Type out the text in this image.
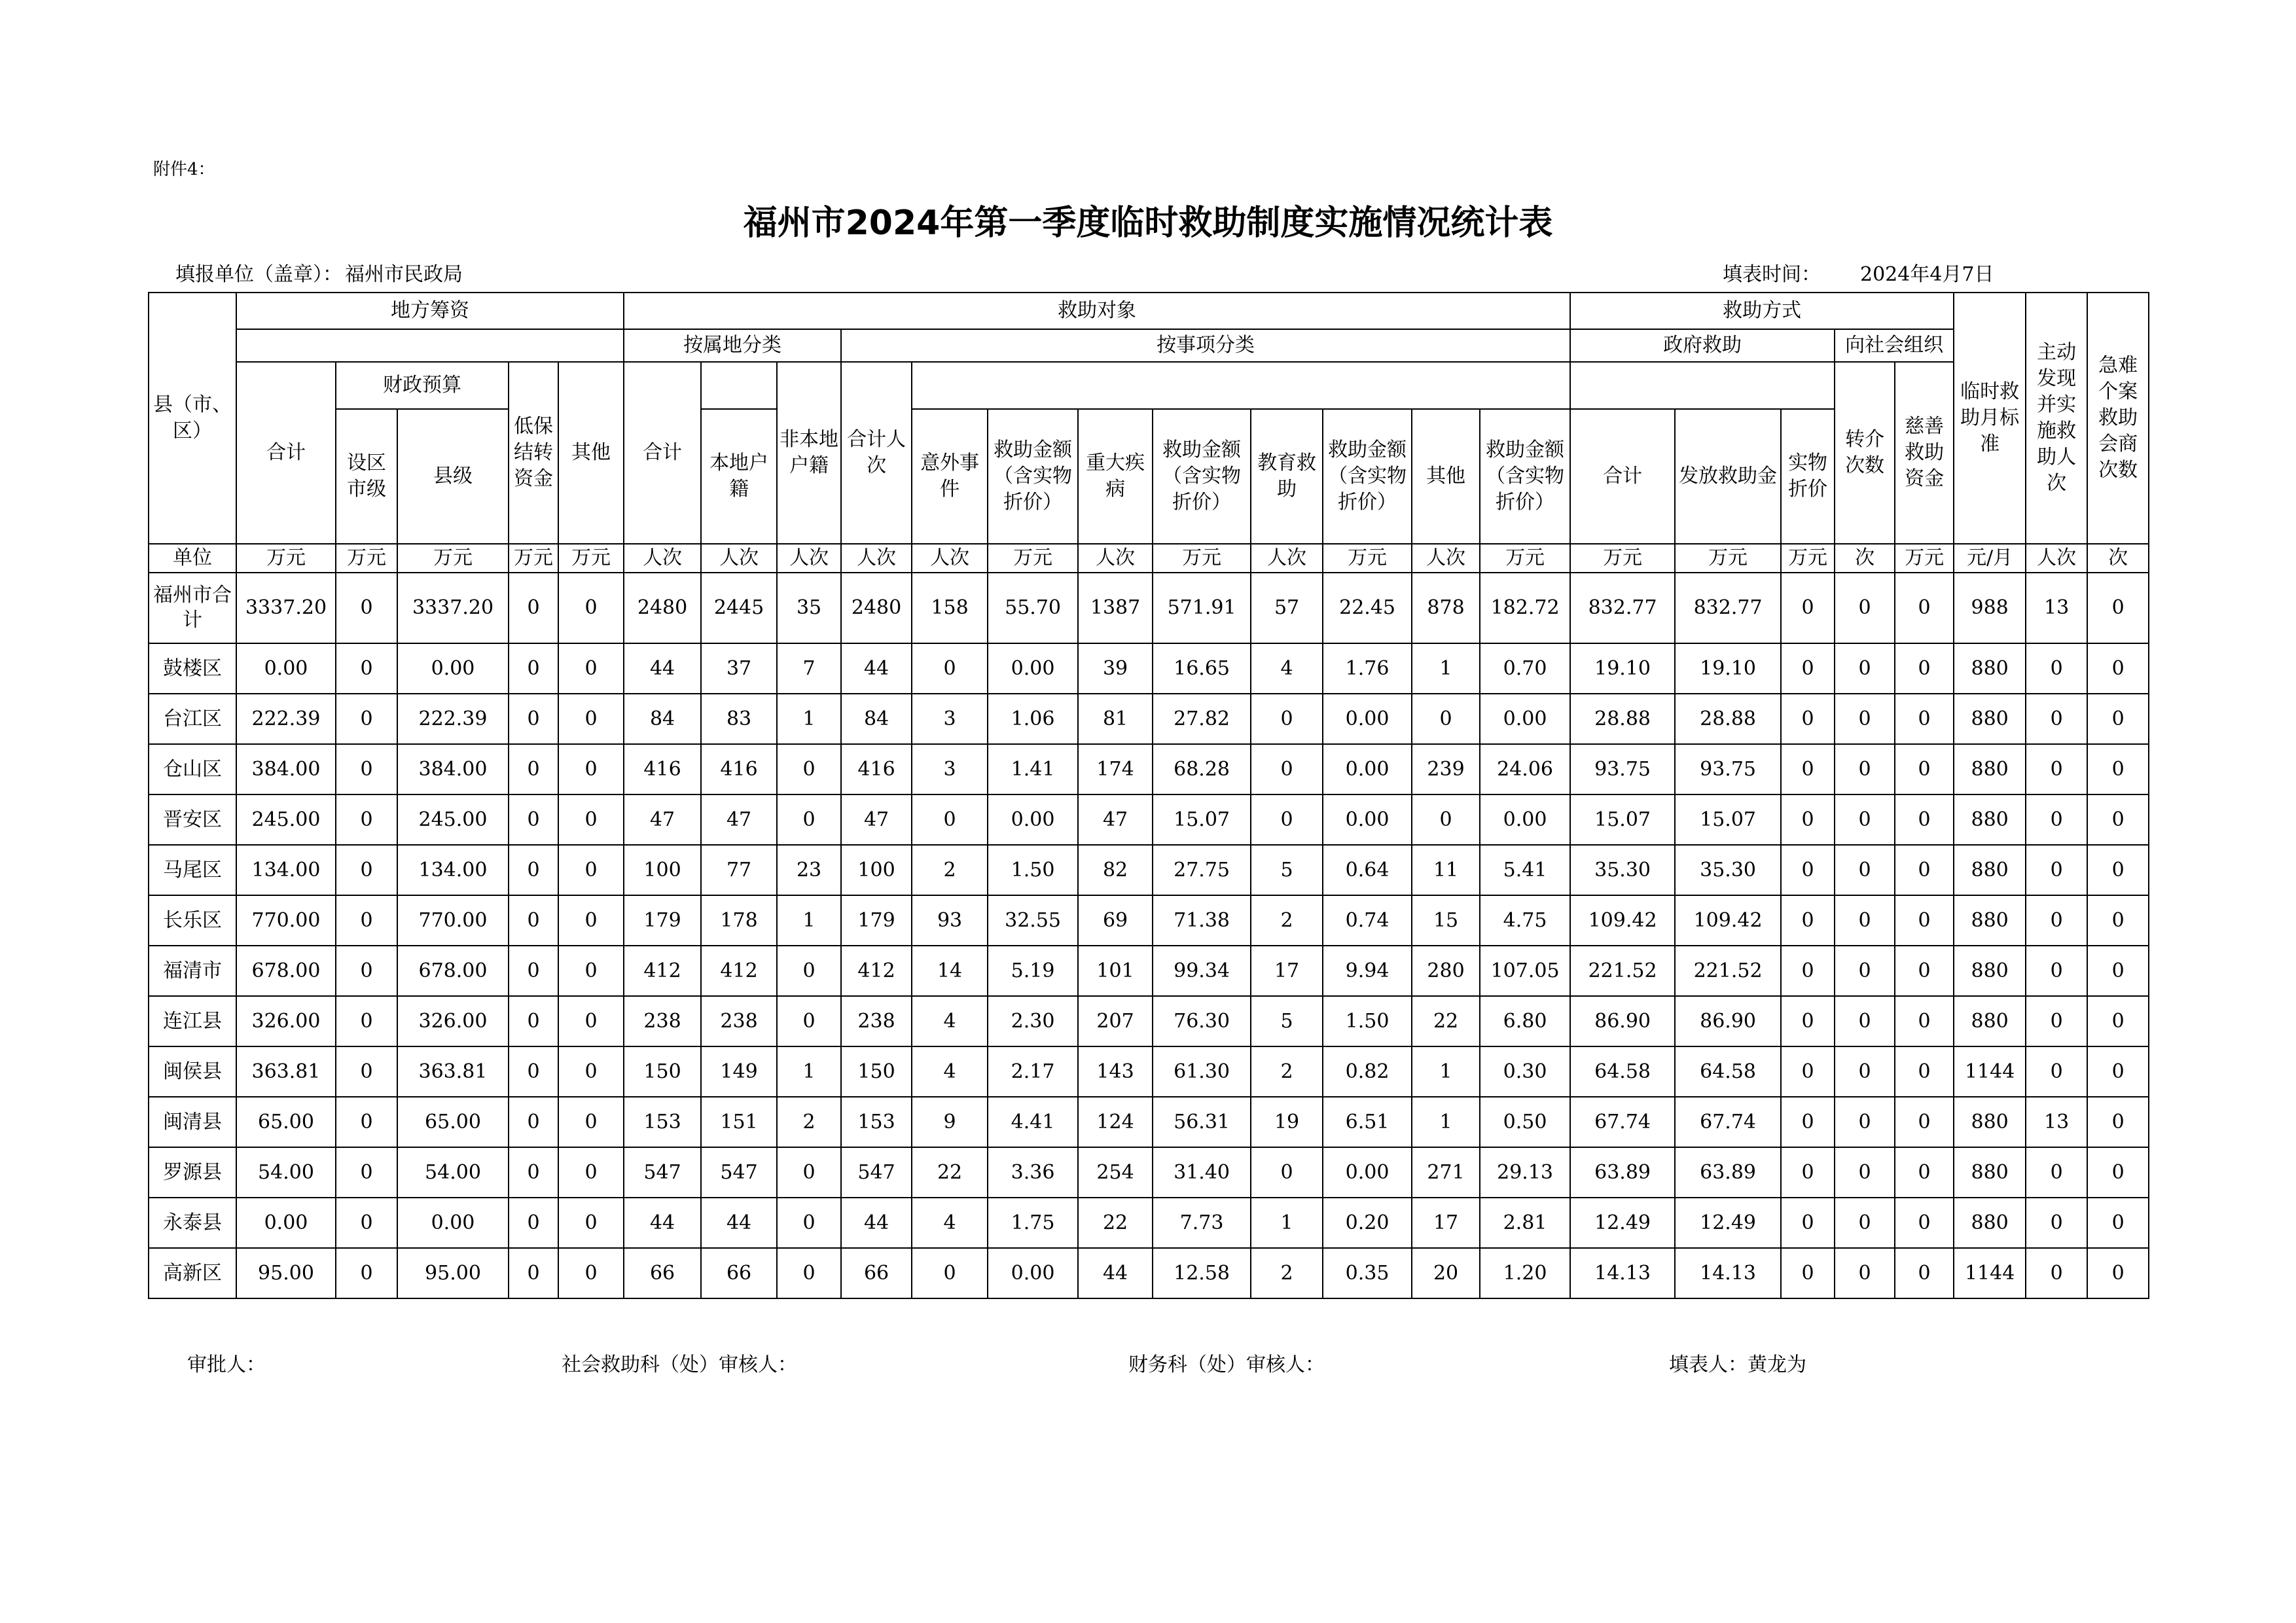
附件4：
福州市2024年第一季度临时救助制度实施情况统计表
填报单位（盖章）： 福州市民政局	填表时间： 2024年4月7日
县（市、区）	地方筹资					救助对象												救助方式					临时救助月标准	主动发现并实施救助人次	急难个案救助会商次数
						按属地分类			按事项分类									政府救助			向社会组织				
	合计	财政预算		低保结转资金	其他	合计		非本地户籍	合计人次												转介次数	慈善救助资金			
		设区市级	县级				本地户籍			意外事件	救助金额（含实物折价）	重大疾病	救助金额（含实物折价）	教育救助	救助金额（含实物折价）	其他	救助金额（含实物折价）	合计	发放救助金	实物折价					
单位	万元	万元	万元	万元	万元	人次	人次	人次	人次	人次	万元	人次	万元	人次	万元	人次	万元	万元	万元	万元	次	万元	元/月	人次	次
福州市合计	3337.20	0	3337.20	0	0	2480	2445	35	2480	158	55.70	1387	571.91	57	22.45	878	182.72	832.77	832.77	0	0	0	988	13	0
鼓楼区	0.00	0	0.00	0	0	44	37	7	44	0	0.00	39	16.65	4	1.76	1	0.70	19.10	19.10	0	0	0	880	0	0
台江区	222.39	0	222.39	0	0	84	83	1	84	3	1.06	81	27.82	0	0.00	0	0.00	28.88	28.88	0	0	0	880	0	0
仓山区	384.00	0	384.00	0	0	416	416	0	416	3	1.41	174	68.28	0	0.00	239	24.06	93.75	93.75	0	0	0	880	0	0
晋安区	245.00	0	245.00	0	0	47	47	0	47	0	0.00	47	15.07	0	0.00	0	0.00	15.07	15.07	0	0	0	880	0	0
马尾区	134.00	0	134.00	0	0	100	77	23	100	2	1.50	82	27.75	5	0.64	11	5.41	35.30	35.30	0	0	0	880	0	0
长乐区	770.00	0	770.00	0	0	179	178	1	179	93	32.55	69	71.38	2	0.74	15	4.75	109.42	109.42	0	0	0	880	0	0
福清市	678.00	0	678.00	0	0	412	412	0	412	14	5.19	101	99.34	17	9.94	280	107.05	221.52	221.52	0	0	0	880	0	0
连江县	326.00	0	326.00	0	0	238	238	0	238	4	2.30	207	76.30	5	1.50	22	6.80	86.90	86.90	0	0	0	880	0	0
闽侯县	363.81	0	363.81	0	0	150	149	1	150	4	2.17	143	61.30	2	0.82	1	0.30	64.58	64.58	0	0	0	1144	0	0
闽清县	65.00	0	65.00	0	0	153	151	2	153	9	4.41	124	56.31	19	6.51	1	0.50	67.74	67.74	0	0	0	880	13	0
罗源县	54.00	0	54.00	0	0	547	547	0	547	22	3.36	254	31.40	0	0.00	271	29.13	63.89	63.89	0	0	0	880	0	0
永泰县	0.00	0	0.00	0	0	44	44	0	44	4	1.75	22	7.73	1	0.20	17	2.81	12.49	12.49	0	0	0	880	0	0
高新区	95.00	0	95.00	0	0	66	66	0	66	0	0.00	44	12.58	2	0.35	20	1.20	14.13	14.13	0	0	0	1144	0	0
审批人：	社会救助科（处）审核人：	财务科（处）审核人：	填表人：黄龙为
